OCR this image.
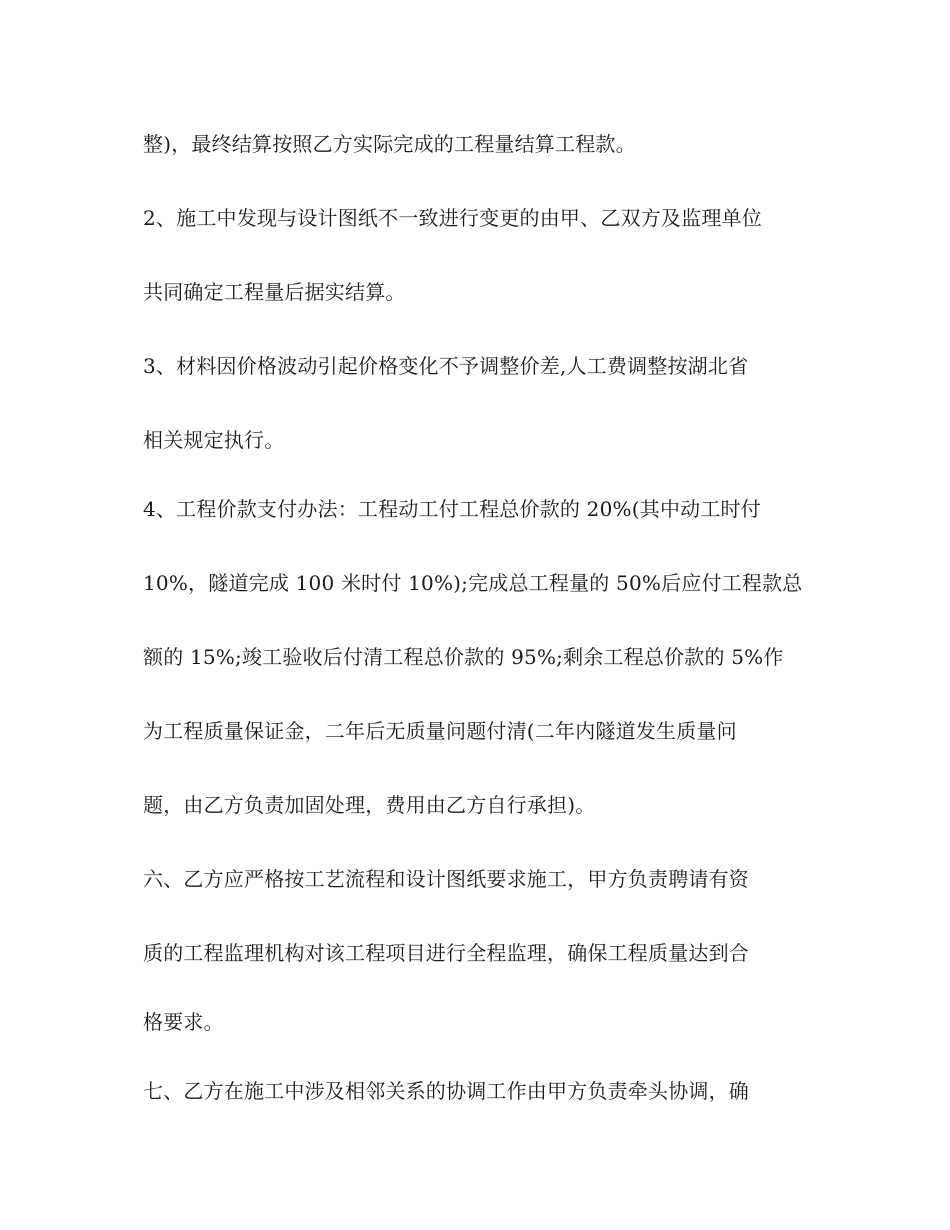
整)，最终结算按照乙方实际完成的工程量结算工程款。
2、施工中发现与设计图纸不一致进行变更的由甲、乙双方及监理单位
共同确定工程量后据实结算。
3、材料因价格波动引起价格变化不予调整价差,人工费调整按湖北省
相关规定执行。
4、工程价款支付办法：工程动工付工程总价款的 20%(其中动工时付
10%，隧道完成 100 米时付 10%);完成总工程量的 50%后应付工程款总
额的 15%;竣工验收后付清工程总价款的 95%;剩余工程总价款的 5%作
为工程质量保证金，二年后无质量问题付清(二年内隧道发生质量问
题，由乙方负责加固处理，费用由乙方自行承担)。
六、乙方应严格按工艺流程和设计图纸要求施工，甲方负责聘请有资
质的工程监理机构对该工程项目进行全程监理，确保工程质量达到合
格要求。
七、乙方在施工中涉及相邻关系的协调工作由甲方负责牵头协调，确
